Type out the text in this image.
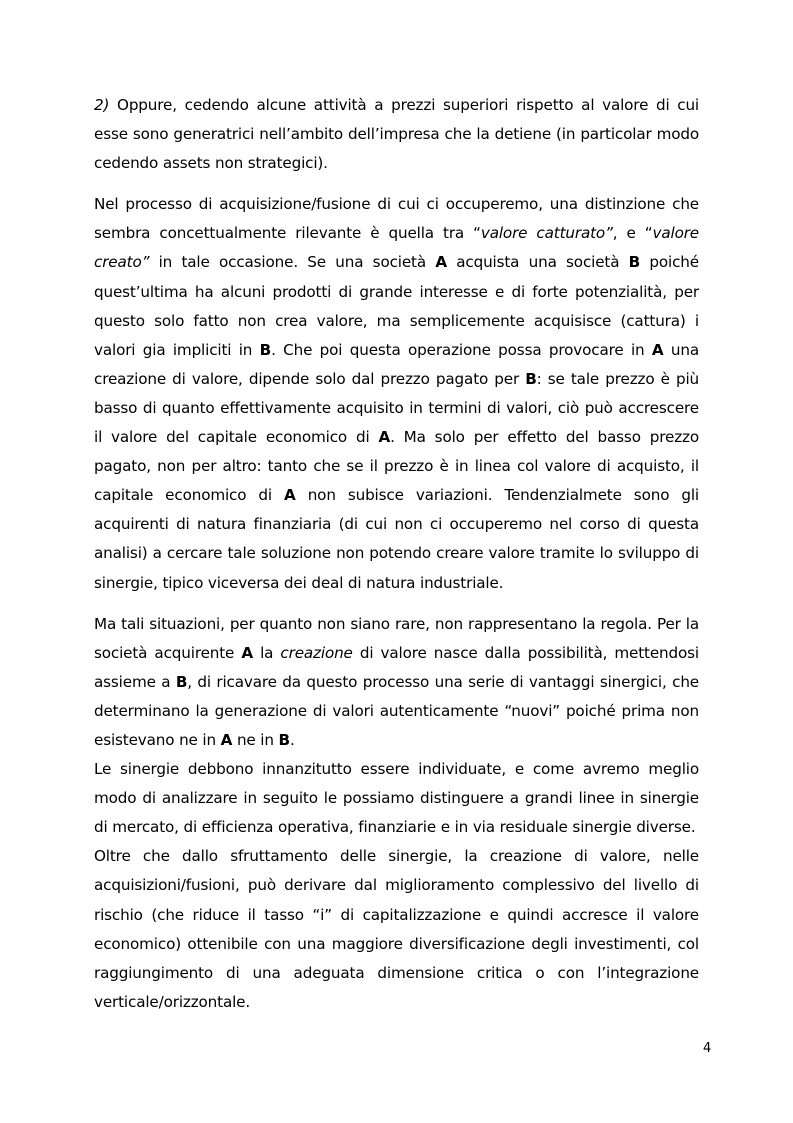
2) Oppure, cedendo alcune attività a prezzi superiori rispetto al valore di cui esse sono generatrici nell’ambito dell’impresa che la detiene (in particolar modo cedendo assets non strategici).

Nel processo di acquisizione/fusione di cui ci occuperemo, una distinzione che sembra concettualmente rilevante è quella tra “valore catturato”, e “valore creato” in tale occasione. Se una società A acquista una società B poiché quest’ultima ha alcuni prodotti di grande interesse e di forte potenzialità, per questo solo fatto non crea valore, ma semplicemente acquisisce (cattura) i valori gia impliciti in B. Che poi questa operazione possa provocare in A una creazione di valore, dipende solo dal prezzo pagato per B: se tale prezzo è più basso di quanto effettivamente acquisito in termini di valori, ciò può accrescere il valore del capitale economico di A. Ma solo per effetto del basso prezzo pagato, non per altro: tanto che se il prezzo è in linea col valore di acquisto, il capitale economico di A non subisce variazioni. Tendenzialmete sono gli acquirenti di natura finanziaria (di cui non ci occuperemo nel corso di questa analisi) a cercare tale soluzione non potendo creare valore tramite lo sviluppo di sinergie, tipico viceversa dei deal di natura industriale.

Ma tali situazioni, per quanto non siano rare, non rappresentano la regola. Per la società acquirente A la creazione di valore nasce dalla possibilità, mettendosi assieme a B, di ricavare da questo processo una serie di vantaggi sinergici, che determinano la generazione di valori autenticamente “nuovi” poiché prima non esistevano ne in A ne in B.

Le sinergie debbono innanzitutto essere individuate, e come avremo meglio modo di analizzare in seguito le possiamo distinguere a grandi linee in sinergie di mercato, di efficienza operativa, finanziarie e in via residuale sinergie diverse.

Oltre che dallo sfruttamento delle sinergie, la creazione di valore, nelle acquisizioni/fusioni, può derivare dal miglioramento complessivo del livello di rischio (che riduce il tasso “i” di capitalizzazione e quindi accresce il valore economico) ottenibile con una maggiore diversificazione degli investimenti, col raggiungimento di una adeguata dimensione critica o con l’integrazione verticale/orizzontale.

4
